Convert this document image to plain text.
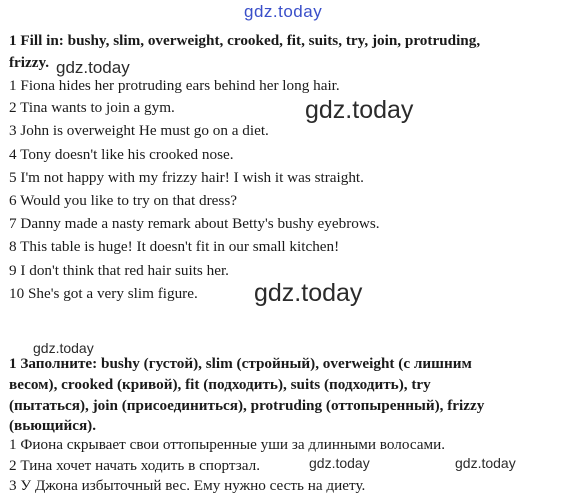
gdz.today
gdz.today
gdz.today
gdz.today
gdz.today
gdz.today	gdz.today
1 Fill in: bushy, slim, overweight, crooked, fit, suits, try, join, protruding,
frizzy.
1 Fiona hides her protruding ears behind her long hair.
2 Tina wants to join a gym.
3 John is overweight He must go on a diet.
4 Tony doesn't like his crooked nose.
5 I'm not happy with my frizzy hair! I wish it was straight.
6 Would you like to try on that dress?
7 Danny made a nasty remark about Betty's bushy eyebrows.
8 This table is huge! It doesn't fit in our small kitchen!
9 I don't think that red hair suits her.
10 She's got a very slim figure.
1 Заполните: bushy (густой), slim (стройный), overweight (с лишним
весом), crooked (кривой), fit (подходить), suits (подходить), try
(пытаться), join (присоединиться), protruding (оттопыренный), frizzy
(вьющийся).
1 Фиона скрывает свои оттопыренные уши за длинными волосами.
2 Тина хочет начать ходить в спортзал.
3 У Джона избыточный вес. Ему нужно сесть на диету.
